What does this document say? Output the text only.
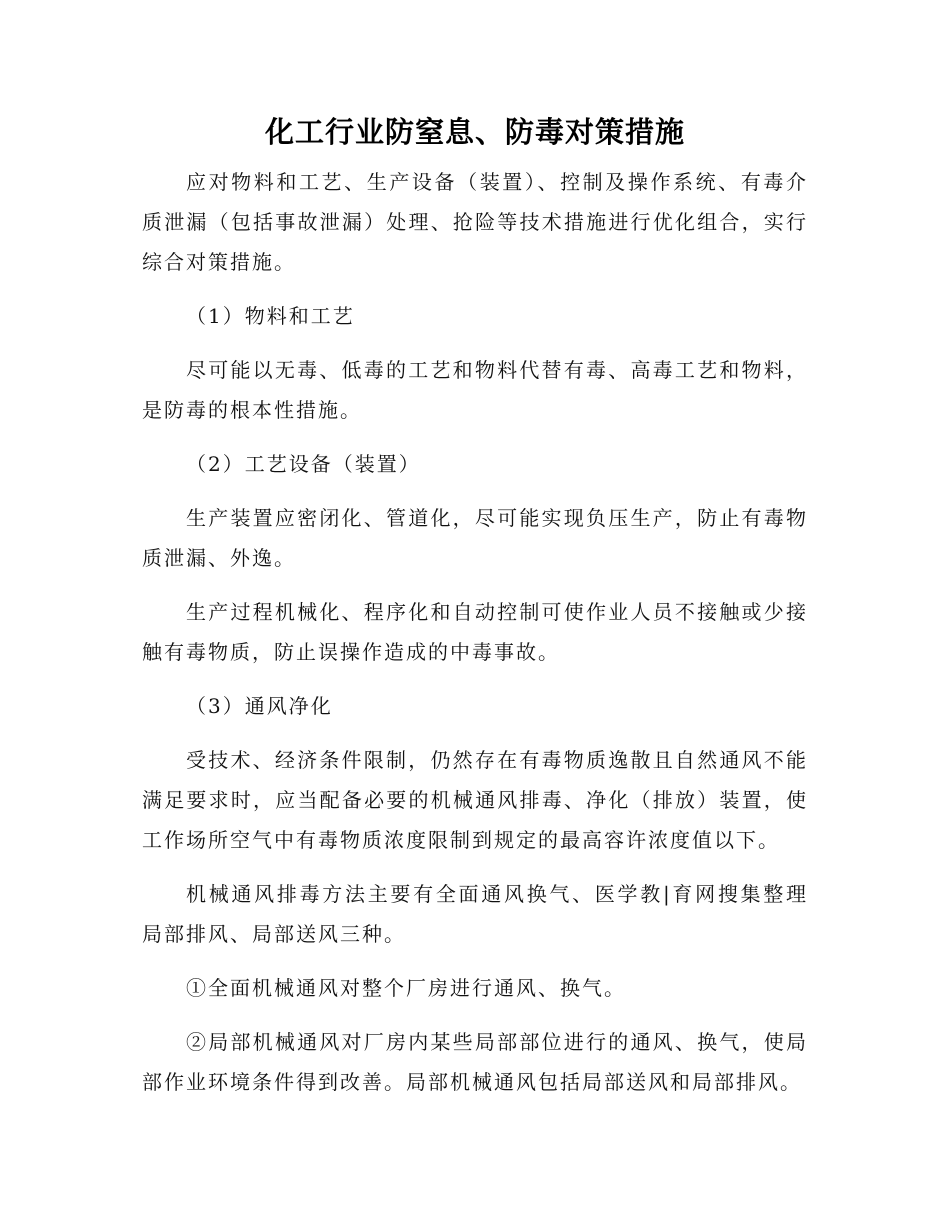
化工行业防窒息、防毒对策措施

应对物料和工艺、生产设备（装置）、控制及操作系统、有毒介质泄漏（包括事故泄漏）处理、抢险等技术措施进行优化组合，实行综合对策措施。

（1）物料和工艺

尽可能以无毒、低毒的工艺和物料代替有毒、高毒工艺和物料，是防毒的根本性措施。

（2）工艺设备（装置）

生产装置应密闭化、管道化，尽可能实现负压生产，防止有毒物质泄漏、外逸。

生产过程机械化、程序化和自动控制可使作业人员不接触或少接触有毒物质，防止误操作造成的中毒事故。

（3）通风净化

受技术、经济条件限制，仍然存在有毒物质逸散且自然通风不能满足要求时，应当配备必要的机械通风排毒、净化（排放）装置，使工作场所空气中有毒物质浓度限制到规定的最高容许浓度值以下。

机械通风排毒方法主要有全面通风换气、医学教|育网搜集整理局部排风、局部送风三种。

①全面机械通风对整个厂房进行通风、换气。

②局部机械通风对厂房内某些局部部位进行的通风、换气，使局部作业环境条件得到改善。局部机械通风包括局部送风和局部排风。
